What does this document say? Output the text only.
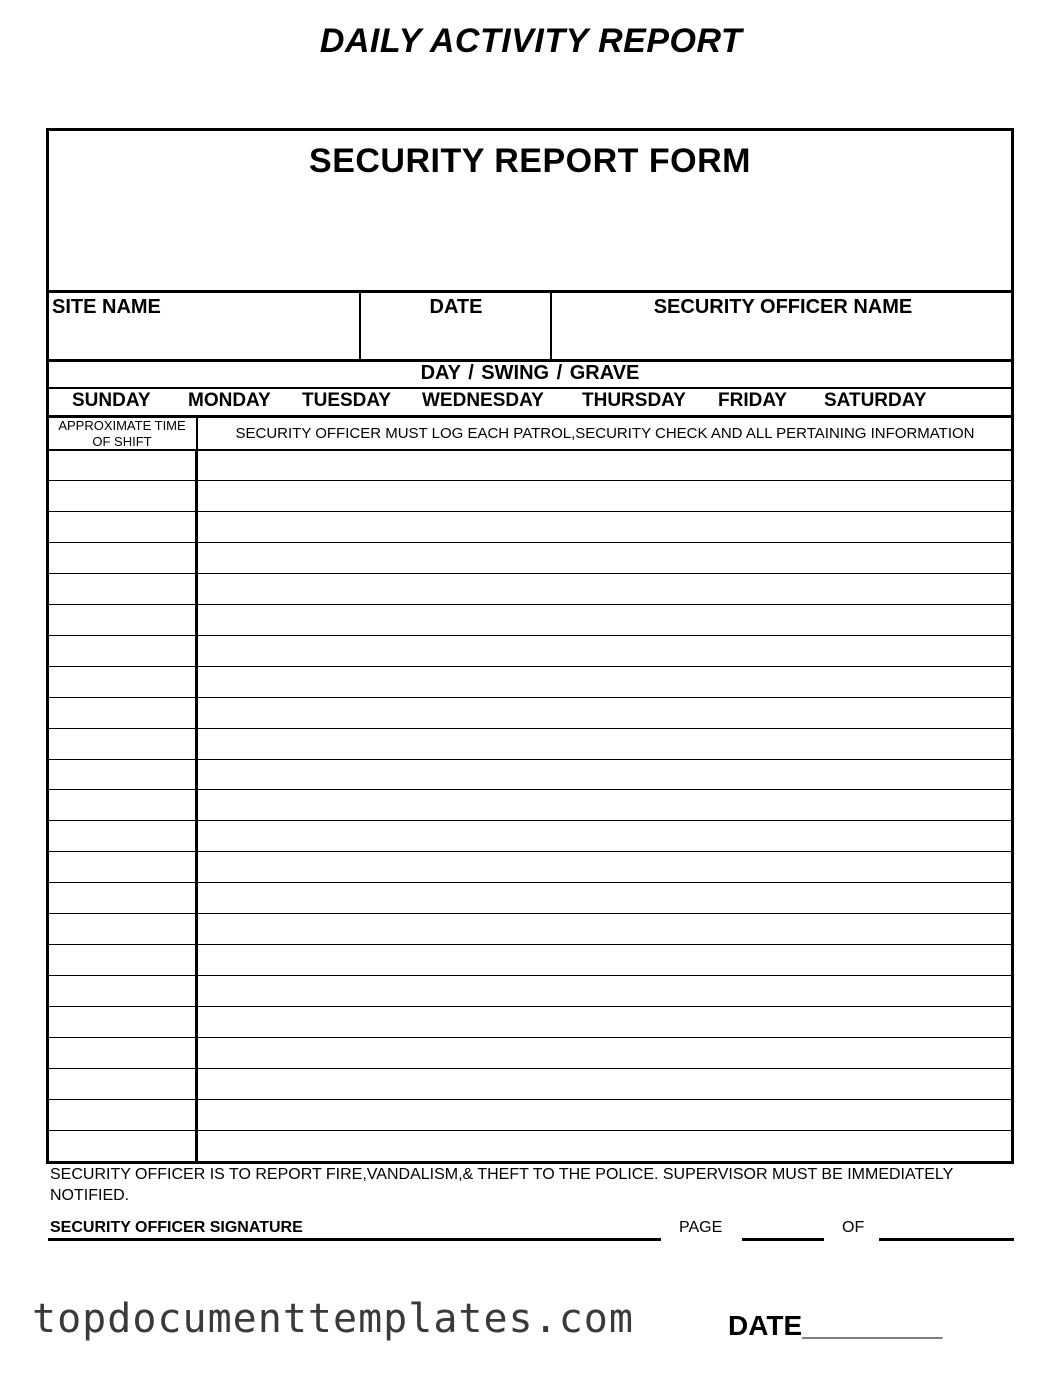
DAILY ACTIVITY REPORT
SECURITY REPORT FORM
SITE NAME	DATE	SECURITY OFFICER NAME
DAY / SWING / GRAVE
SUNDAY MONDAY TUESDAY WEDNESDAY THURSDAY FRIDAY SATURDAY
APPROXIMATE TIME OF SHIFT	SECURITY OFFICER MUST LOG EACH PATROL,SECURITY CHECK AND ALL PERTAINING INFORMATION
SECURITY OFFICER IS TO REPORT FIRE,VANDALISM,& THEFT TO THE POLICE. SUPERVISOR MUST BE IMMEDIATELY NOTIFIED.
SECURITY OFFICER SIGNATURE	PAGE	OF
topdocumenttemplates.com	DATE_________
